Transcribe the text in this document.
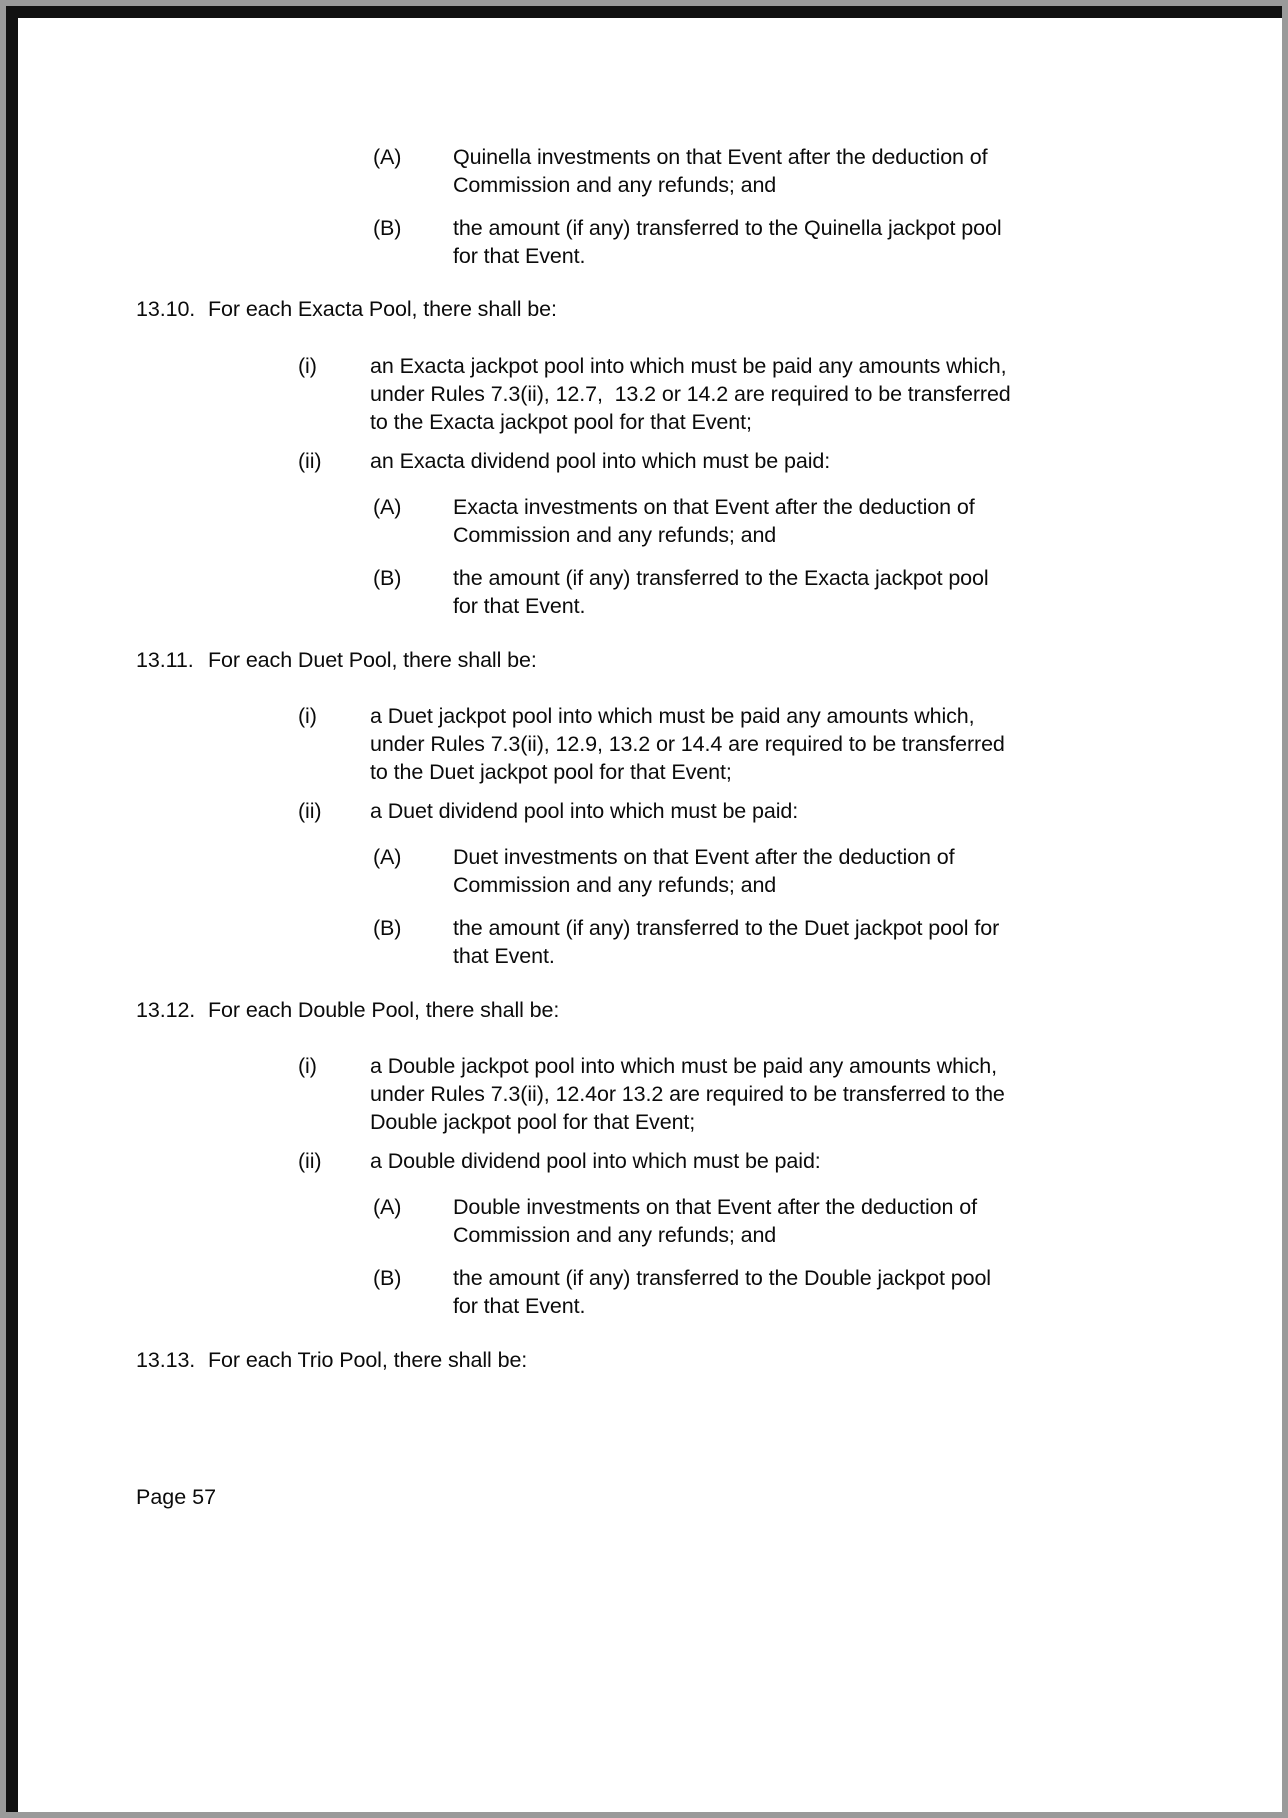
(A)	Quinella investments on that Event after the deduction of Commission and any refunds; and
(B)	the amount (if any) transferred to the Quinella jackpot pool for that Event.
13.10. For each Exacta Pool, there shall be:
(i)	an Exacta jackpot pool into which must be paid any amounts which, under Rules 7.3(ii), 12.7,  13.2 or 14.2 are required to be transferred to the Exacta jackpot pool for that Event;
(ii)	an Exacta dividend pool into which must be paid:
(A)	Exacta investments on that Event after the deduction of Commission and any refunds; and
(B)	the amount (if any) transferred to the Exacta jackpot pool for that Event.
13.11. For each Duet Pool, there shall be:
(i)	a Duet jackpot pool into which must be paid any amounts which, under Rules 7.3(ii), 12.9, 13.2 or 14.4 are required to be transferred to the Duet jackpot pool for that Event;
(ii)	a Duet dividend pool into which must be paid:
(A)	Duet investments on that Event after the deduction of Commission and any refunds; and
(B)	the amount (if any) transferred to the Duet jackpot pool for that Event.
13.12. For each Double Pool, there shall be:
(i)	a Double jackpot pool into which must be paid any amounts which, under Rules 7.3(ii), 12.4or 13.2 are required to be transferred to the Double jackpot pool for that Event;
(ii)	a Double dividend pool into which must be paid:
(A)	Double investments on that Event after the deduction of Commission and any refunds; and
(B)	the amount (if any) transferred to the Double jackpot pool for that Event.
13.13. For each Trio Pool, there shall be:
Page 57
